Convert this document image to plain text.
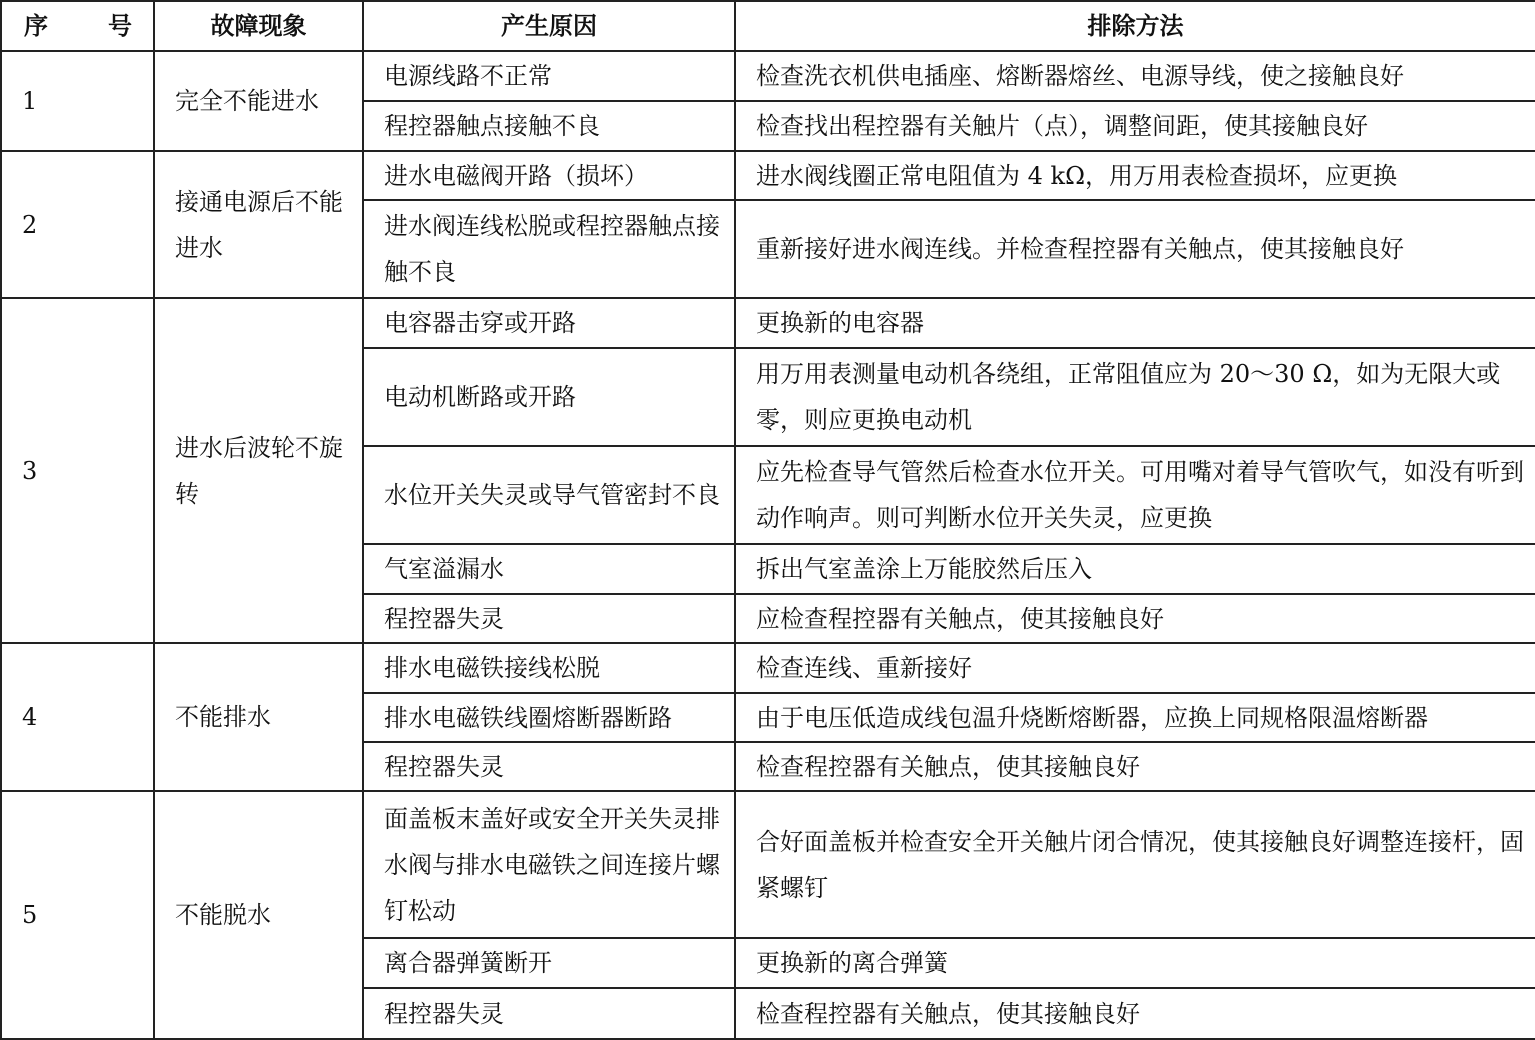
序 号	故障现象	产生原因	排除方法
1	完全不能进水	电源线路不正常	检查洗衣机供电插座、熔断器熔丝、电源导线，使之接触良好
		程控器触点接触不良	检查找出程控器有关触片（点），调整间距，使其接触良好
2	接通电源后不能进水	进水电磁阀开路（损坏）	进水阀线圈正常电阻值为 4 kΩ，用万用表检查损坏，应更换
		进水阀连线松脱或程控器触点接触不良	重新接好进水阀连线。并检查程控器有关触点，使其接触良好
3	进水后波轮不旋转	电容器击穿或开路	更换新的电容器
		电动机断路或开路	用万用表测量电动机各绕组，正常阻值应为 20～30 Ω，如为无限大或零，则应更换电动机
		水位开关失灵或导气管密封不良	应先检查导气管然后检查水位开关。可用嘴对着导气管吹气，如没有听到动作响声。则可判断水位开关失灵，应更换
		气室溢漏水	拆出气室盖涂上万能胶然后压入
		程控器失灵	应检查程控器有关触点，使其接触良好
4	不能排水	排水电磁铁接线松脱	检查连线、重新接好
		排水电磁铁线圈熔断器断路	由于电压低造成线包温升烧断熔断器，应换上同规格限温熔断器
		程控器失灵	检查程控器有关触点，使其接触良好
5	不能脱水	面盖板末盖好或安全开关失灵排水阀与排水电磁铁之间连接片螺钉松动	合好面盖板并检查安全开关触片闭合情况，使其接触良好调整连接杆，固紧螺钉
		离合器弹簧断开	更换新的离合弹簧
		程控器失灵	检查程控器有关触点，使其接触良好
